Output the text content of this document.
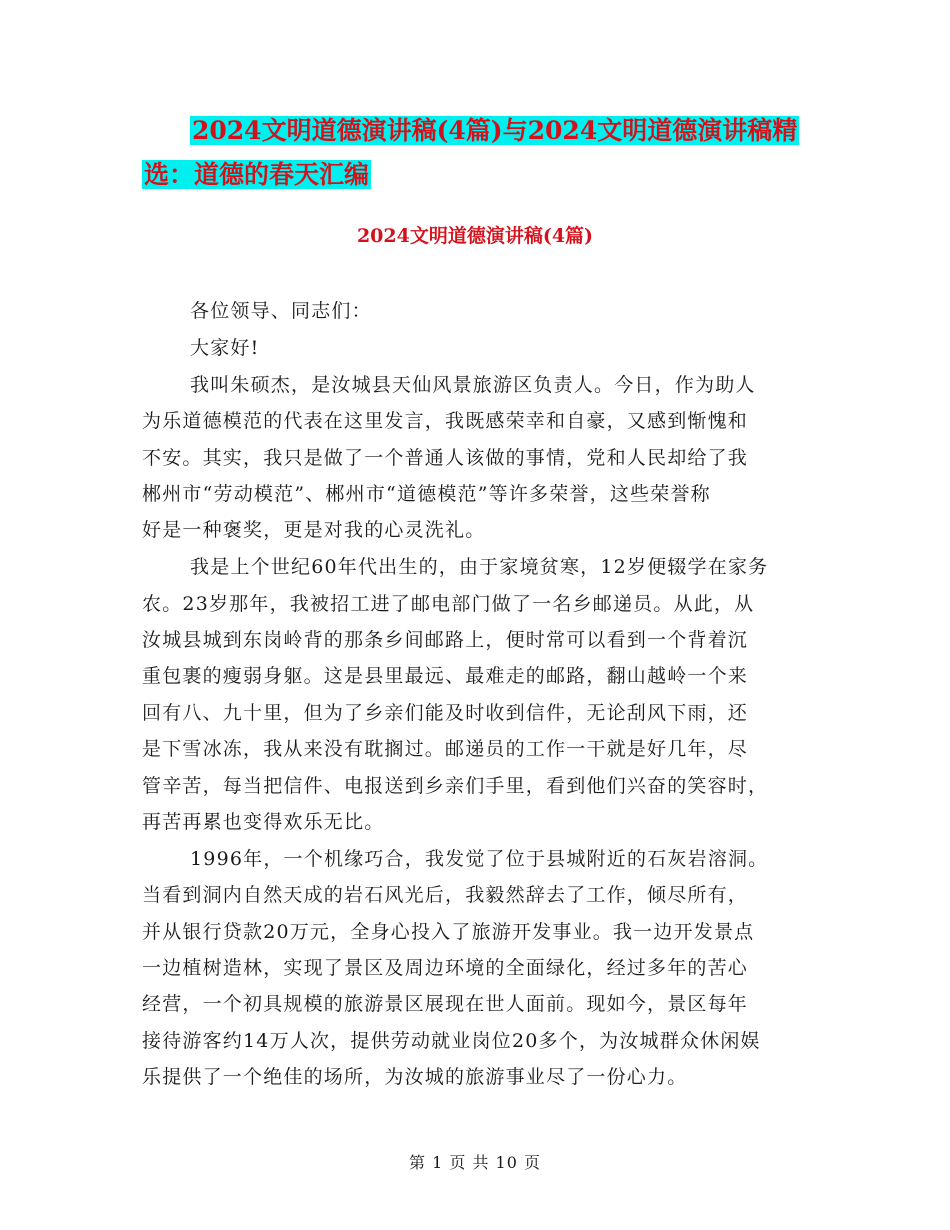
2024文明道德演讲稿(4篇)与2024文明道德演讲稿精
选：道德的春天汇编
2024文明道德演讲稿(4篇)
各位领导、同志们：
大家好!
我叫朱硕杰，是汝城县天仙风景旅游区负责人。今日，作为助人
为乐道德模范的代表在这里发言，我既感荣幸和自豪，又感到惭愧和
不安。其实，我只是做了一个普通人该做的事情，党和人民却给了我
郴州市“劳动模范”、郴州市“道德模范”等许多荣誉，这些荣誉称
好是一种褒奖，更是对我的心灵洗礼。
我是上个世纪60年代出生的，由于家境贫寒，12岁便辍学在家务
农。23岁那年，我被招工进了邮电部门做了一名乡邮递员。从此，从
汝城县城到东岗岭背的那条乡间邮路上，便时常可以看到一个背着沉
重包裹的瘦弱身躯。这是县里最远、最难走的邮路，翻山越岭一个来
回有八、九十里，但为了乡亲们能及时收到信件，无论刮风下雨，还
是下雪冰冻，我从来没有耽搁过。邮递员的工作一干就是好几年，尽
管辛苦，每当把信件、电报送到乡亲们手里，看到他们兴奋的笑容时，
再苦再累也变得欢乐无比。
1996年，一个机缘巧合，我发觉了位于县城附近的石灰岩溶洞。
当看到洞内自然天成的岩石风光后，我毅然辞去了工作，倾尽所有，
并从银行贷款20万元，全身心投入了旅游开发事业。我一边开发景点
一边植树造林，实现了景区及周边环境的全面绿化，经过多年的苦心
经营，一个初具规模的旅游景区展现在世人面前。现如今，景区每年
接待游客约14万人次，提供劳动就业岗位20多个，为汝城群众休闲娱
乐提供了一个绝佳的场所，为汝城的旅游事业尽了一份心力。
第 1 页 共 10 页
